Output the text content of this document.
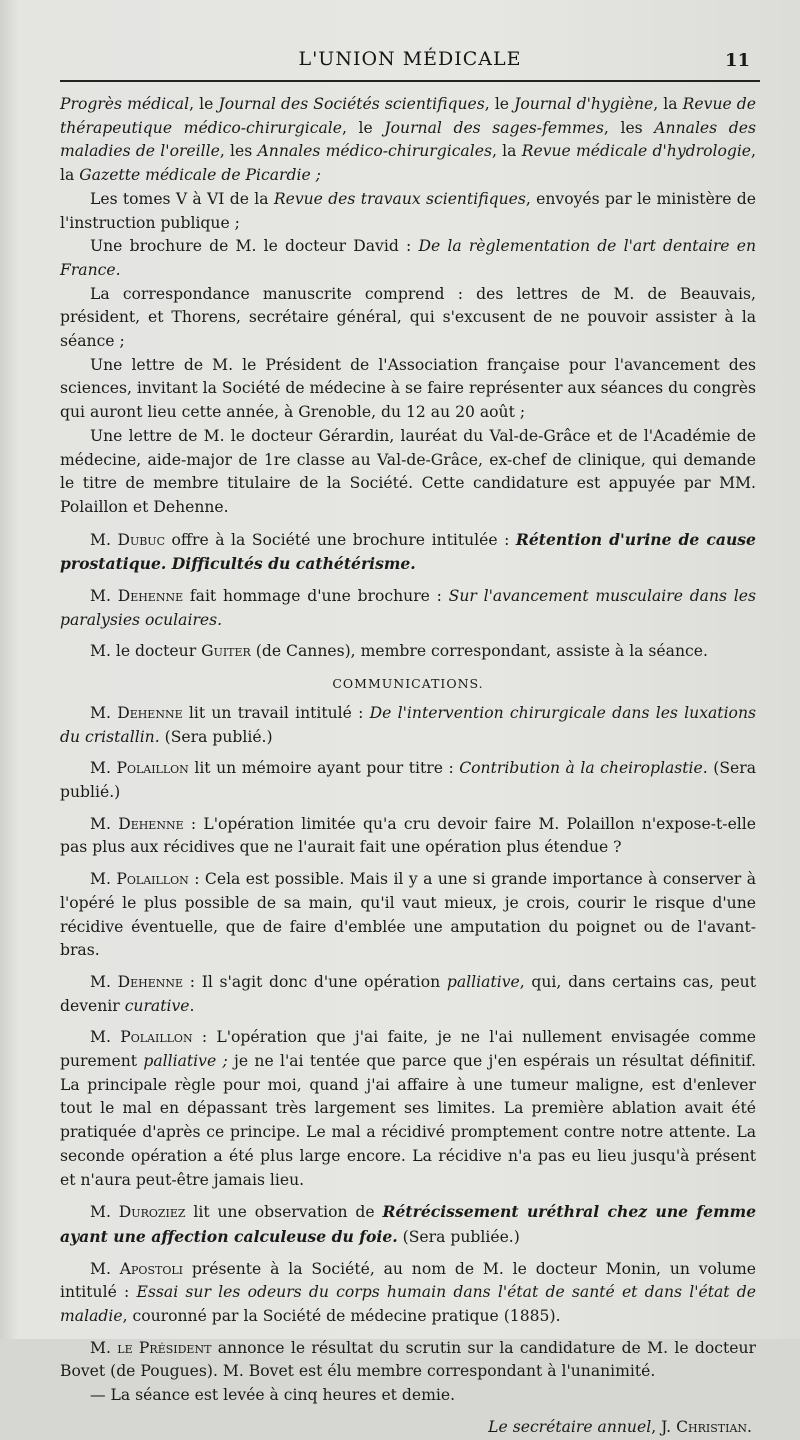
L'UNION MÉDICALE	11

Progrès médical, le Journal des Sociétés scientifiques, le Journal d'hygiène, la Revue de thérapeutique médico-chirurgicale, le Journal des sages-femmes, les Annales des maladies de l'oreille, les Annales médico-chirurgicales, la Revue médicale d'hydrologie, la Gazette médicale de Picardie ;

Les tomes V à VI de la Revue des travaux scientifiques, envoyés par le ministère de l'instruction publique ;

Une brochure de M. le docteur David : De la règlementation de l'art dentaire en France.

La correspondance manuscrite comprend : des lettres de M. de Beauvais, président, et Thorens, secrétaire général, qui s'excusent de ne pouvoir assister à la séance ;

Une lettre de M. le Président de l'Association française pour l'avancement des sciences, invitant la Société de médecine à se faire représenter aux séances du congrès qui auront lieu cette année, à Grenoble, du 12 au 20 août ;

Une lettre de M. le docteur Gérardin, lauréat du Val-de-Grâce et de l'Académie de médecine, aide-major de 1re classe au Val-de-Grâce, ex-chef de clinique, qui demande le titre de membre titulaire de la Société. Cette candidature est appuyée par MM. Polaillon et Dehenne.

M. Dubuc offre à la Société une brochure intitulée : Rétention d'urine de cause prostatique. Difficultés du cathétérisme.

M. Dehenne fait hommage d'une brochure : Sur l'avancement musculaire dans les paralysies oculaires.

M. le docteur Guiter (de Cannes), membre correspondant, assiste à la séance.

COMMUNICATIONS.

M. Dehenne lit un travail intitulé : De l'intervention chirurgicale dans les luxations du cristallin. (Sera publié.)

M. Polaillon lit un mémoire ayant pour titre : Contribution à la cheiroplastie. (Sera publié.)

M. Dehenne : L'opération limitée qu'a cru devoir faire M. Polaillon n'expose-t-elle pas plus aux récidives que ne l'aurait fait une opération plus étendue ?

M. Polaillon : Cela est possible. Mais il y a une si grande importance à conserver à l'opéré le plus possible de sa main, qu'il vaut mieux, je crois, courir le risque d'une récidive éventuelle, que de faire d'emblée une amputation du poignet ou de l'avant-bras.

M. Dehenne : Il s'agit donc d'une opération palliative, qui, dans certains cas, peut devenir curative.

M. Polaillon : L'opération que j'ai faite, je ne l'ai nullement envisagée comme purement palliative ; je ne l'ai tentée que parce que j'en espérais un résultat définitif. La principale règle pour moi, quand j'ai affaire à une tumeur maligne, est d'enlever tout le mal en dépassant très largement ses limites. La première ablation avait été pratiquée d'après ce principe. Le mal a récidivé promptement contre notre attente. La seconde opération a été plus large encore. La récidive n'a pas eu lieu jusqu'à présent et n'aura peut-être jamais lieu.

M. Duroziez lit une observation de Rétrécissement uréthral chez une femme ayant une affection calculeuse du foie. (Sera publiée.)

M. Apostoli présente à la Société, au nom de M. le docteur Monin, un volume intitulé : Essai sur les odeurs du corps humain dans l'état de santé et dans l'état de maladie, couronné par la Société de médecine pratique (1885).

M. le Président annonce le résultat du scrutin sur la candidature de M. le docteur Bovet (de Pougues). M. Bovet est élu membre correspondant à l'unanimité.

— La séance est levée à cinq heures et demie.

Le secrétaire annuel, J. Christian.
